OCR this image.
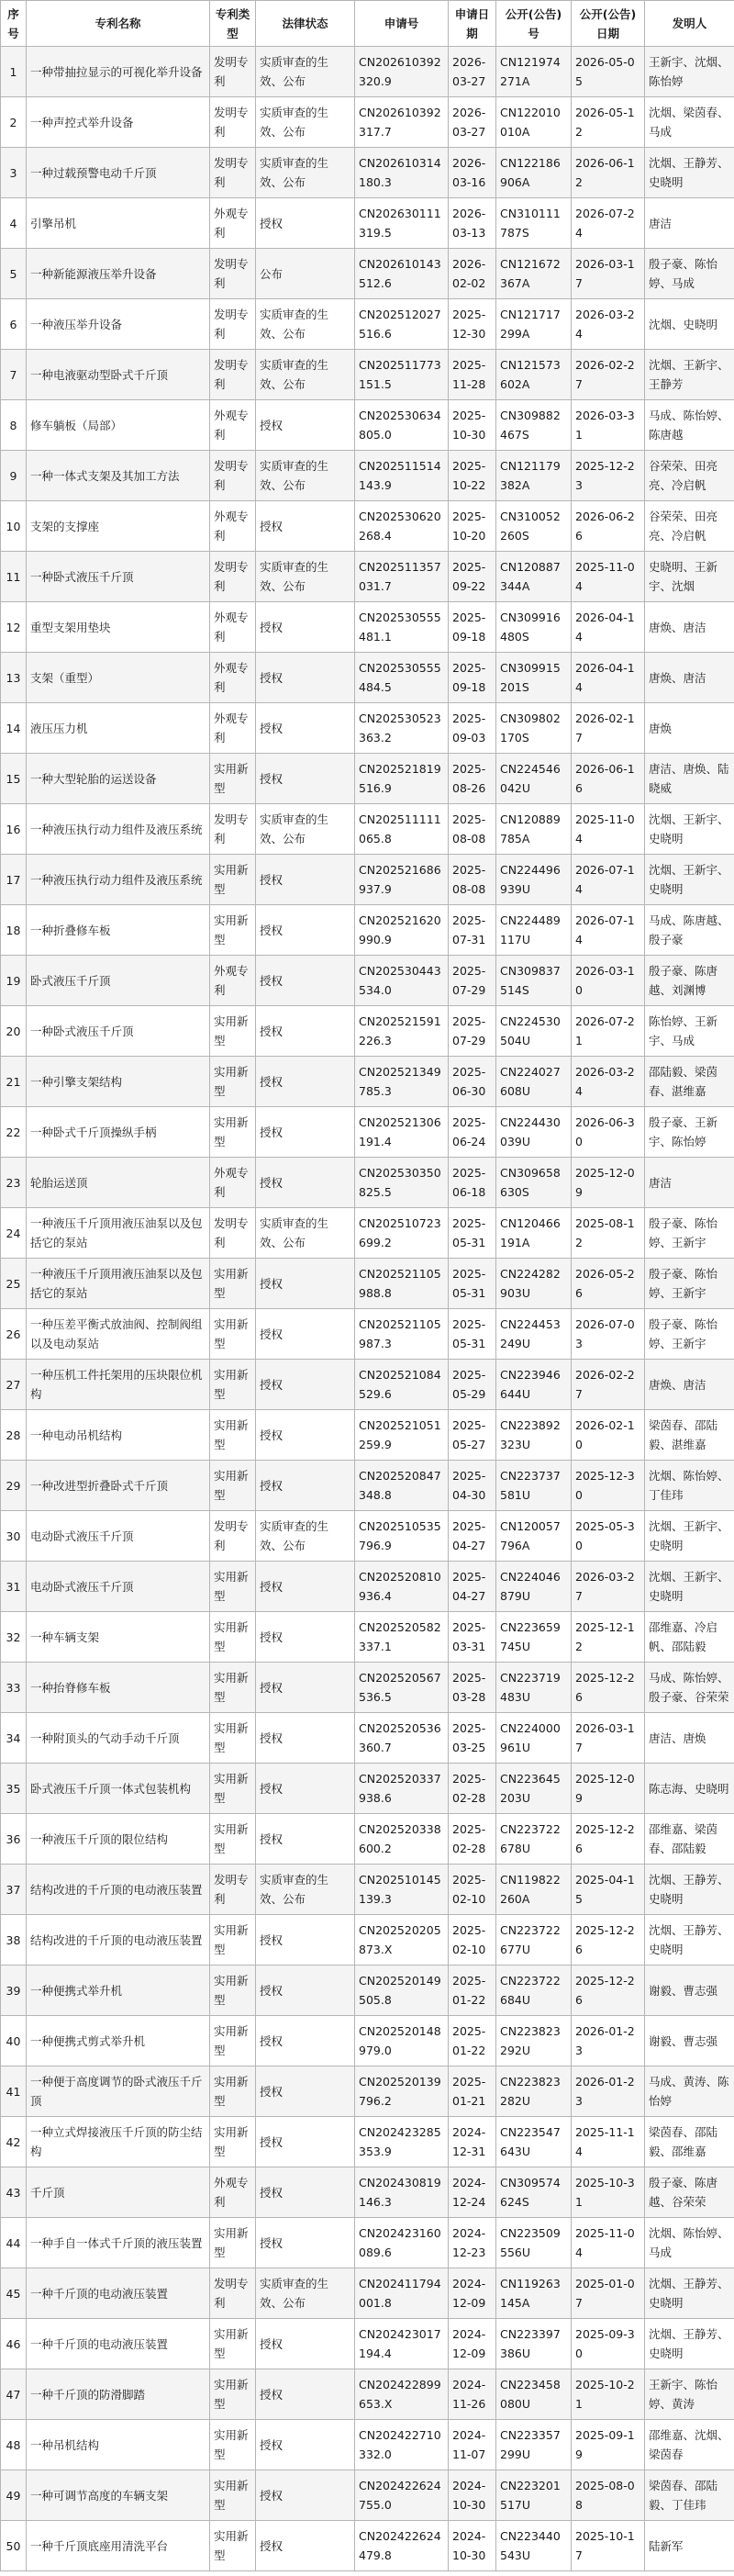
序号	专利名称	专利类型	法律状态	申请号	申请日期	公开(公告)号	公开(公告)日期	发明人
1	一种带抽拉显示的可视化举升设备	发明专利	实质审查的生效、公布	CN202610392320.9	2026-03-27	CN121974271A	2026-05-05	王新宇、沈烟、陈怡婷
2	一种声控式举升设备	发明专利	实质审查的生效、公布	CN202610392317.7	2026-03-27	CN122010010A	2026-05-12	沈烟、梁茵春、马成
3	一种过载预警电动千斤顶	发明专利	实质审查的生效、公布	CN202610314180.3	2026-03-16	CN122186906A	2026-06-12	沈烟、王静芳、史晓明
4	引擎吊机	外观专利	授权	CN202630111319.5	2026-03-13	CN310111787S	2026-07-24	唐洁
5	一种新能源液压举升设备	发明专利	公布	CN202610143512.6	2026-02-02	CN121672367A	2026-03-17	殷子豪、陈怡婷、马成
6	一种液压举升设备	发明专利	实质审查的生效、公布	CN202512027516.6	2025-12-30	CN121717299A	2026-03-24	沈烟、史晓明
7	一种电液驱动型卧式千斤顶	发明专利	实质审查的生效、公布	CN202511773151.5	2025-11-28	CN121573602A	2026-02-27	沈烟、王新宇、王静芳
8	修车躺板（局部）	外观专利	授权	CN202530634805.0	2025-10-30	CN309882467S	2026-03-31	马成、陈怡婷、陈唐越
9	一种一体式支架及其加工方法	发明专利	实质审查的生效、公布	CN202511514143.9	2025-10-22	CN121179382A	2025-12-23	谷荣荣、田亮亮、冷启帆
10	支架的支撑座	外观专利	授权	CN202530620268.4	2025-10-20	CN310052260S	2026-06-26	谷荣荣、田亮亮、冷启帆
11	一种卧式液压千斤顶	发明专利	实质审查的生效、公布	CN202511357031.7	2025-09-22	CN120887344A	2025-11-04	史晓明、王新宇、沈烟
12	重型支架用垫块	外观专利	授权	CN202530555481.1	2025-09-18	CN309916480S	2026-04-14	唐焕、唐洁
13	支架（重型）	外观专利	授权	CN202530555484.5	2025-09-18	CN309915201S	2026-04-14	唐焕、唐洁
14	液压压力机	外观专利	授权	CN202530523363.2	2025-09-03	CN309802170S	2026-02-17	唐焕
15	一种大型轮胎的运送设备	实用新型	授权	CN202521819516.9	2025-08-26	CN224546042U	2026-06-16	唐洁、唐焕、陆晓威
16	一种液压执行动力组件及液压系统	发明专利	实质审查的生效、公布	CN202511111065.8	2025-08-08	CN120889785A	2025-11-04	沈烟、王新宇、史晓明
17	一种液压执行动力组件及液压系统	实用新型	授权	CN202521686937.9	2025-08-08	CN224496939U	2026-07-14	沈烟、王新宇、史晓明
18	一种折叠修车板	实用新型	授权	CN202521620990.9	2025-07-31	CN224489117U	2026-07-14	马成、陈唐越、殷子豪
19	卧式液压千斤顶	外观专利	授权	CN202530443534.0	2025-07-29	CN309837514S	2026-03-10	殷子豪、陈唐越、刘渊博
20	一种卧式液压千斤顶	实用新型	授权	CN202521591226.3	2025-07-29	CN224530504U	2026-07-21	陈怡婷、王新宇、马成
21	一种引擎支架结构	实用新型	授权	CN202521349785.3	2025-06-30	CN224027608U	2026-03-24	邵陆毅、梁茵春、湛维嘉
22	一种卧式千斤顶操纵手柄	实用新型	授权	CN202521306191.4	2025-06-24	CN224430039U	2026-06-30	殷子豪、王新宇、陈怡婷
23	轮胎运送顶	外观专利	授权	CN202530350825.5	2025-06-18	CN309658630S	2025-12-09	唐洁
24	一种液压千斤顶用液压油泵以及包括它的泵站	发明专利	实质审查的生效、公布	CN202510723699.2	2025-05-31	CN120466191A	2025-08-12	殷子豪、陈怡婷、王新宇
25	一种液压千斤顶用液压油泵以及包括它的泵站	实用新型	授权	CN202521105988.8	2025-05-31	CN224282903U	2026-05-26	殷子豪、陈怡婷、王新宇
26	一种压差平衡式放油阀、控制阀组以及电动泵站	实用新型	授权	CN202521105987.3	2025-05-31	CN224453249U	2026-07-03	殷子豪、陈怡婷、王新宇
27	一种压机工件托架用的压块限位机构	实用新型	授权	CN202521084529.6	2025-05-29	CN223946644U	2026-02-27	唐焕、唐洁
28	一种电动吊机结构	实用新型	授权	CN202521051259.9	2025-05-27	CN223892323U	2026-02-10	梁茵春、邵陆毅、湛维嘉
29	一种改进型折叠卧式千斤顶	实用新型	授权	CN202520847348.8	2025-04-30	CN223737581U	2025-12-30	沈烟、陈怡婷、丁佳玮
30	电动卧式液压千斤顶	发明专利	实质审查的生效、公布	CN202510535796.9	2025-04-27	CN120057796A	2025-05-30	沈烟、王新宇、史晓明
31	电动卧式液压千斤顶	实用新型	授权	CN202520810936.4	2025-04-27	CN224046879U	2026-03-27	沈烟、王新宇、史晓明
32	一种车辆支架	实用新型	授权	CN202520582337.1	2025-03-31	CN223659745U	2025-12-12	邵维嘉、冷启帆、邵陆毅
33	一种抬脊修车板	实用新型	授权	CN202520567536.5	2025-03-28	CN223719483U	2025-12-26	马成、陈怡婷、殷子豪、谷荣荣
34	一种附顶头的气动手动千斤顶	实用新型	授权	CN202520536360.7	2025-03-25	CN224000961U	2026-03-17	唐洁、唐焕
35	卧式液压千斤顶一体式包装机构	实用新型	授权	CN202520337938.6	2025-02-28	CN223645203U	2025-12-09	陈志海、史晓明
36	一种液压千斤顶的限位结构	实用新型	授权	CN202520338600.2	2025-02-28	CN223722678U	2025-12-26	邵维嘉、梁茵春、邵陆毅
37	结构改进的千斤顶的电动液压装置	发明专利	实质审查的生效、公布	CN202510145139.3	2025-02-10	CN119822260A	2025-04-15	沈烟、王静芳、史晓明
38	结构改进的千斤顶的电动液压装置	实用新型	授权	CN202520205873.X	2025-02-10	CN223722677U	2025-12-26	沈烟、王静芳、史晓明
39	一种便携式举升机	实用新型	授权	CN202520149505.8	2025-01-22	CN223722684U	2025-12-26	谢毅、曹志强
40	一种便携式剪式举升机	实用新型	授权	CN202520148979.0	2025-01-22	CN223823292U	2026-01-23	谢毅、曹志强
41	一种便于高度调节的卧式液压千斤顶	实用新型	授权	CN202520139796.2	2025-01-21	CN223823282U	2026-01-23	马成、黄涛、陈怡婷
42	一种立式焊接液压千斤顶的防尘结构	实用新型	授权	CN202423285353.9	2024-12-31	CN223547643U	2025-11-14	梁茵春、邵陆毅、邵维嘉
43	千斤顶	外观专利	授权	CN202430819146.3	2024-12-24	CN309574624S	2025-10-31	殷子豪、陈唐越、谷荣荣
44	一种手自一体式千斤顶的液压装置	实用新型	授权	CN202423160089.6	2024-12-23	CN223509556U	2025-11-04	沈烟、陈怡婷、马成
45	一种千斤顶的电动液压装置	发明专利	实质审查的生效、公布	CN202411794001.8	2024-12-09	CN119263145A	2025-01-07	沈烟、王静芳、史晓明
46	一种千斤顶的电动液压装置	实用新型	授权	CN202423017194.4	2024-12-09	CN223397386U	2025-09-30	沈烟、王静芳、史晓明
47	一种千斤顶的防滑脚踏	实用新型	授权	CN202422899653.X	2024-11-26	CN223458080U	2025-10-21	王新宇、陈怡婷、黄涛
48	一种吊机结构	实用新型	授权	CN202422710332.0	2024-11-07	CN223357299U	2025-09-19	邵维嘉、沈烟、梁茵春
49	一种可调节高度的车辆支架	实用新型	授权	CN202422624755.0	2024-10-30	CN223201517U	2025-08-08	梁茵春、邵陆毅、丁佳玮
50	一种千斤顶底座用清洗平台	实用新型	授权	CN202422624479.8	2024-10-30	CN223440543U	2025-10-17	陆新军
